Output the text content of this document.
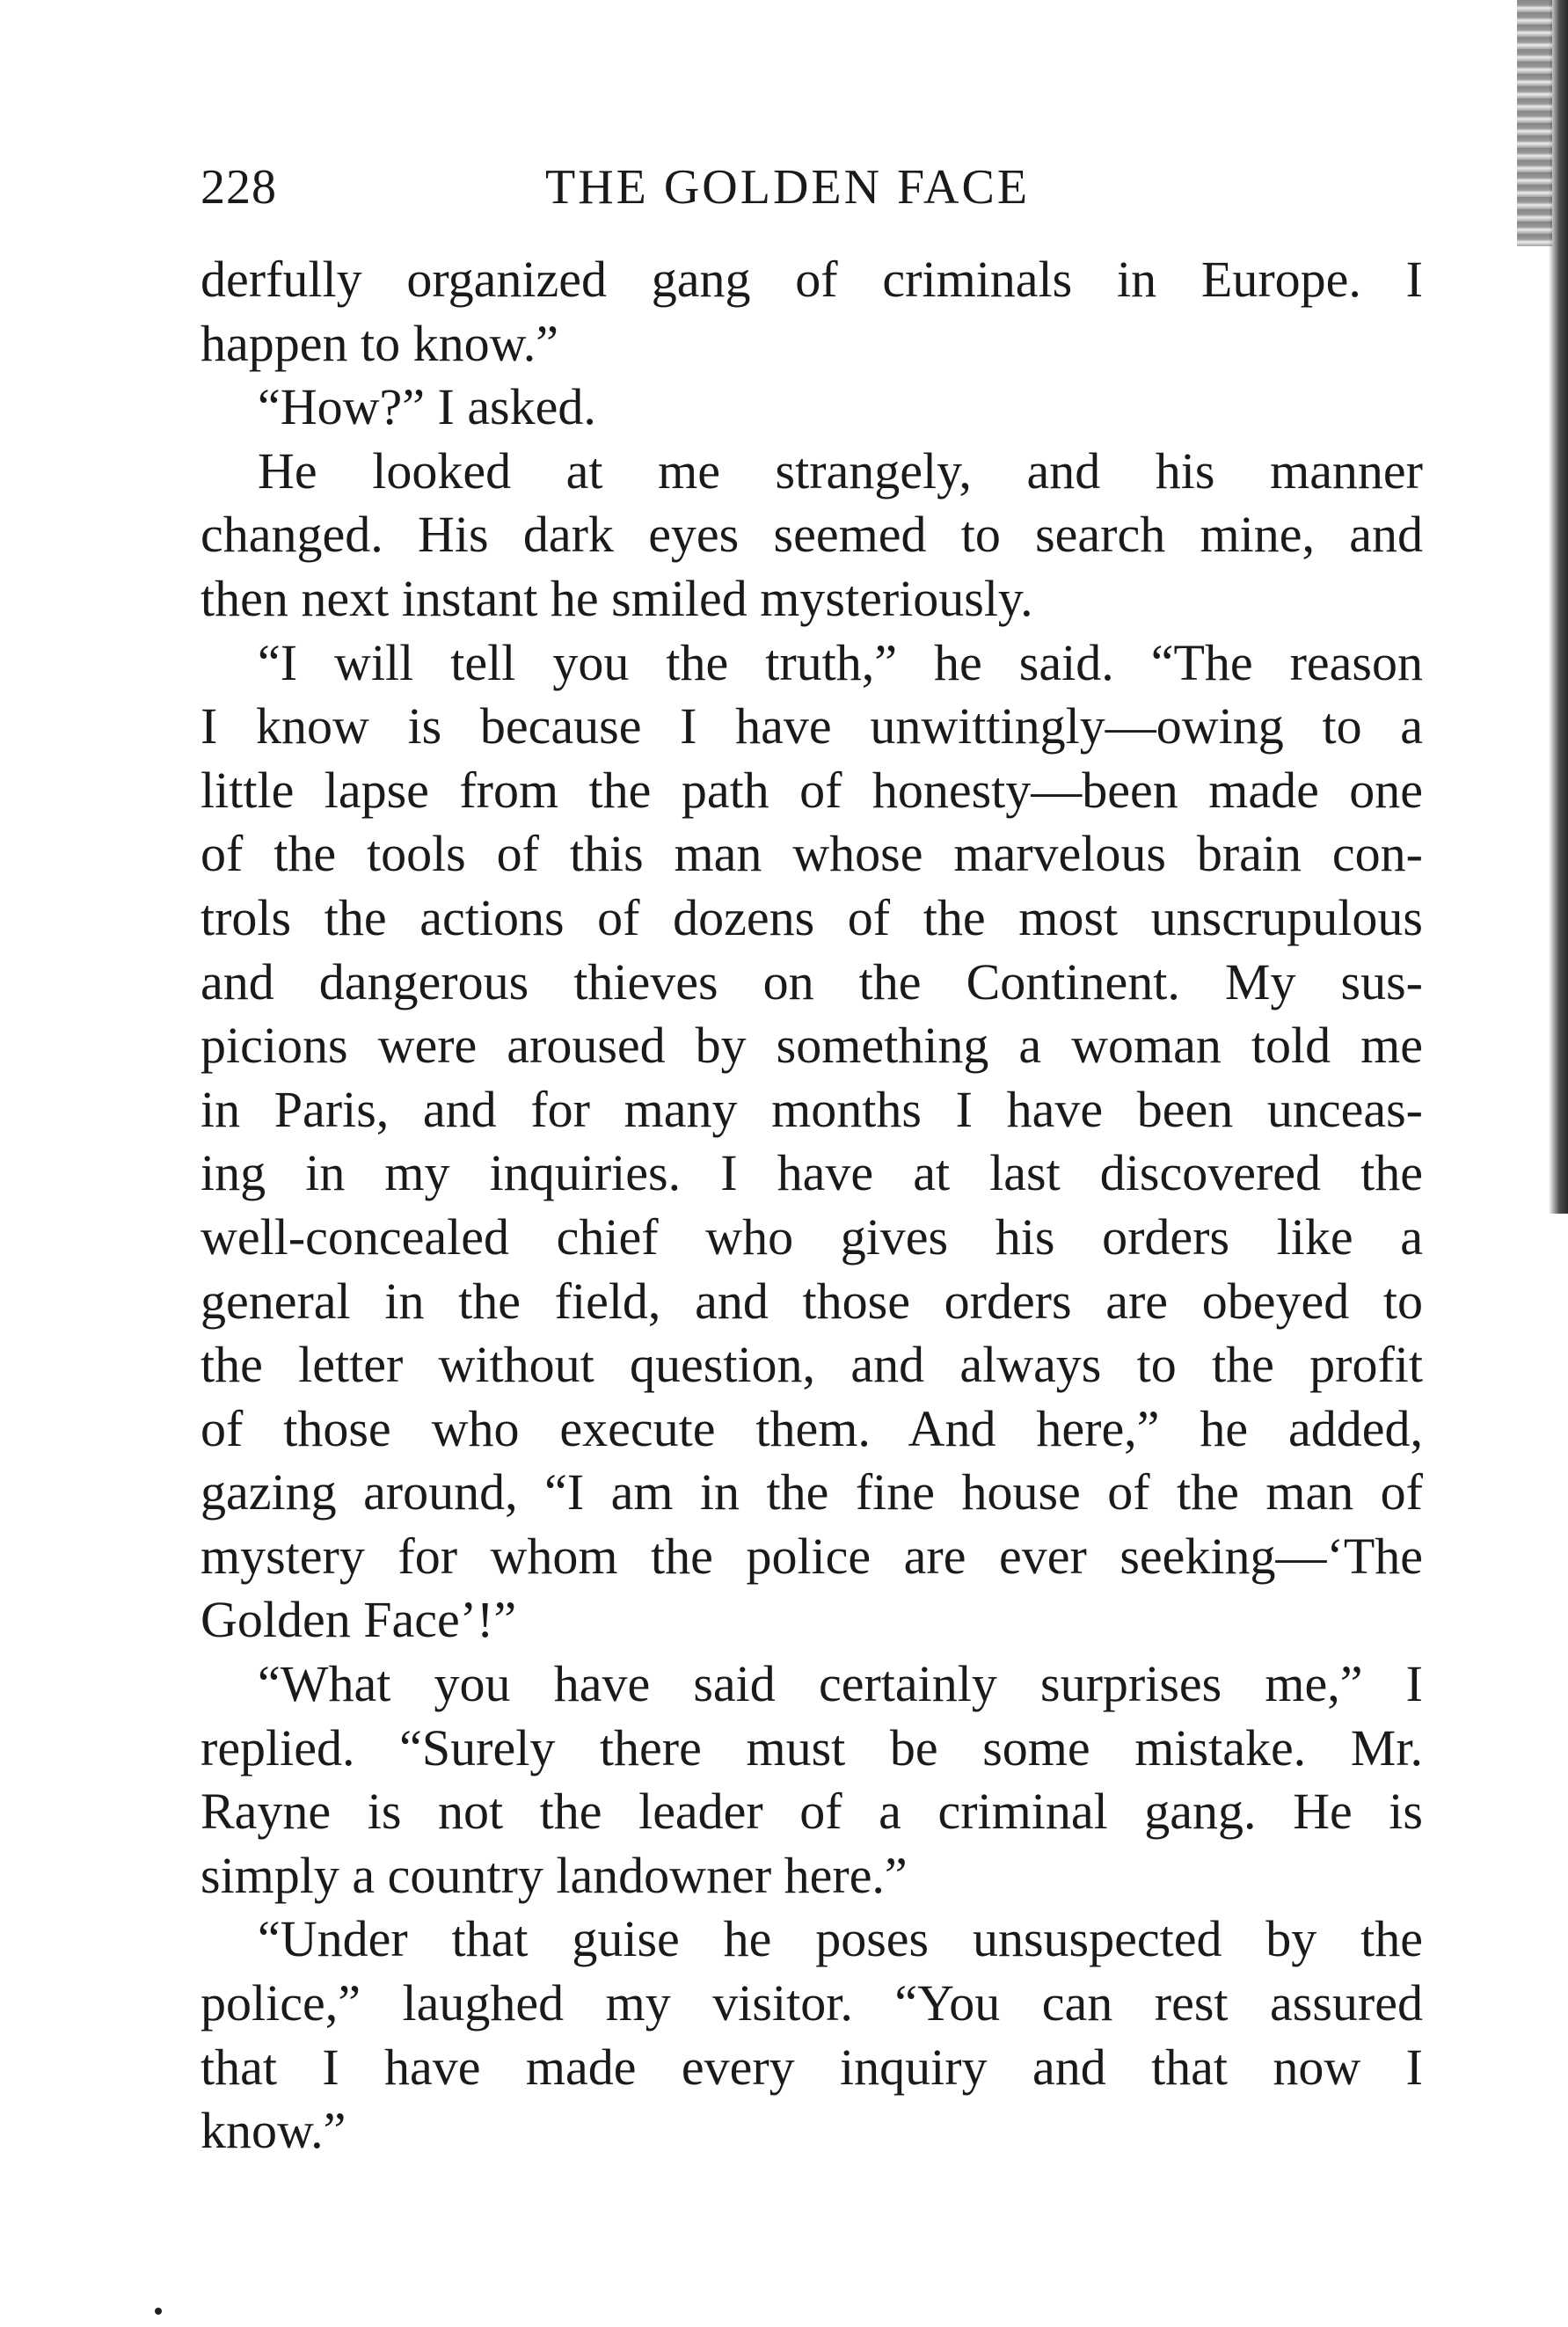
228	THE GOLDEN FACE
derfully organized gang of criminals in Europe. I
happen to know.”
“How?” I asked.
He looked at me strangely, and his manner
changed. His dark eyes seemed to search mine, and
then next instant he smiled mysteriously.
“I will tell you the truth,” he said. “The reason
I know is because I have unwittingly—owing to a
little lapse from the path of honesty—been made one
of the tools of this man whose marvelous brain con-
trols the actions of dozens of the most unscrupulous
and dangerous thieves on the Continent. My sus-
picions were aroused by something a woman told me
in Paris, and for many months I have been unceas-
ing in my inquiries. I have at last discovered the
well-concealed chief who gives his orders like a
general in the field, and those orders are obeyed to
the letter without question, and always to the profit
of those who execute them. And here,” he added,
gazing around, “I am in the fine house of the man of
mystery for whom the police are ever seeking—‘The
Golden Face’!”
“What you have said certainly surprises me,” I
replied. “Surely there must be some mistake. Mr.
Rayne is not the leader of a criminal gang. He is
simply a country landowner here.”
“Under that guise he poses unsuspected by the
police,” laughed my visitor. “You can rest assured
that I have made every inquiry and that now I
know.”
